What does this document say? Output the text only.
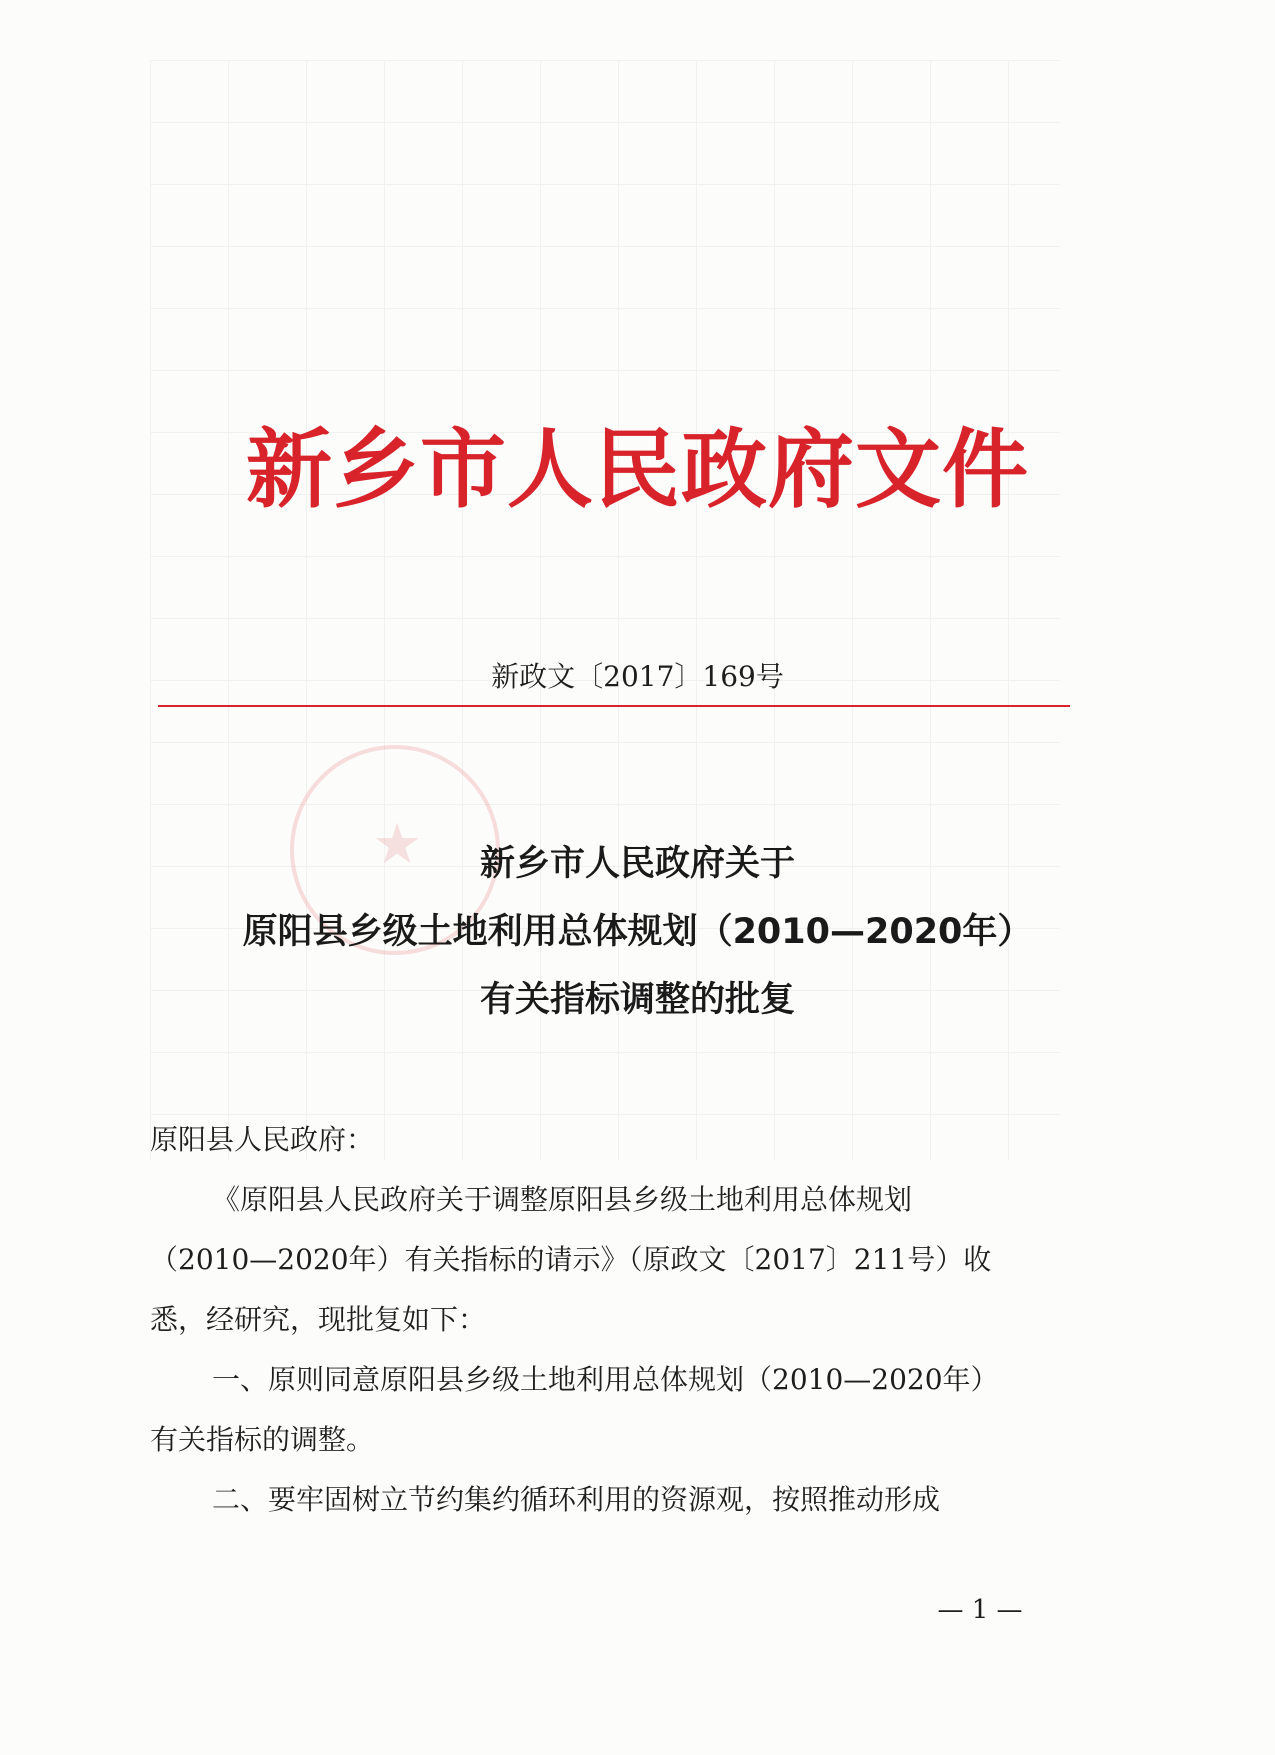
新乡市人民政府文件
新政文〔2017〕169号
★	新乡市人民政府关于
原阳县乡级土地利用总体规划（2010—2020年）
有关指标调整的批复

原阳县人民政府：

《原阳县人民政府关于调整原阳县乡级土地利用总体规划

（2010—2020年）有关指标的请示》（原政文〔2017〕211号）收

悉，经研究，现批复如下：

一、原则同意原阳县乡级土地利用总体规划（2010—2020年）

有关指标的调整。

二、要牢固树立节约集约循环利用的资源观，按照推动形成

— 1 —
